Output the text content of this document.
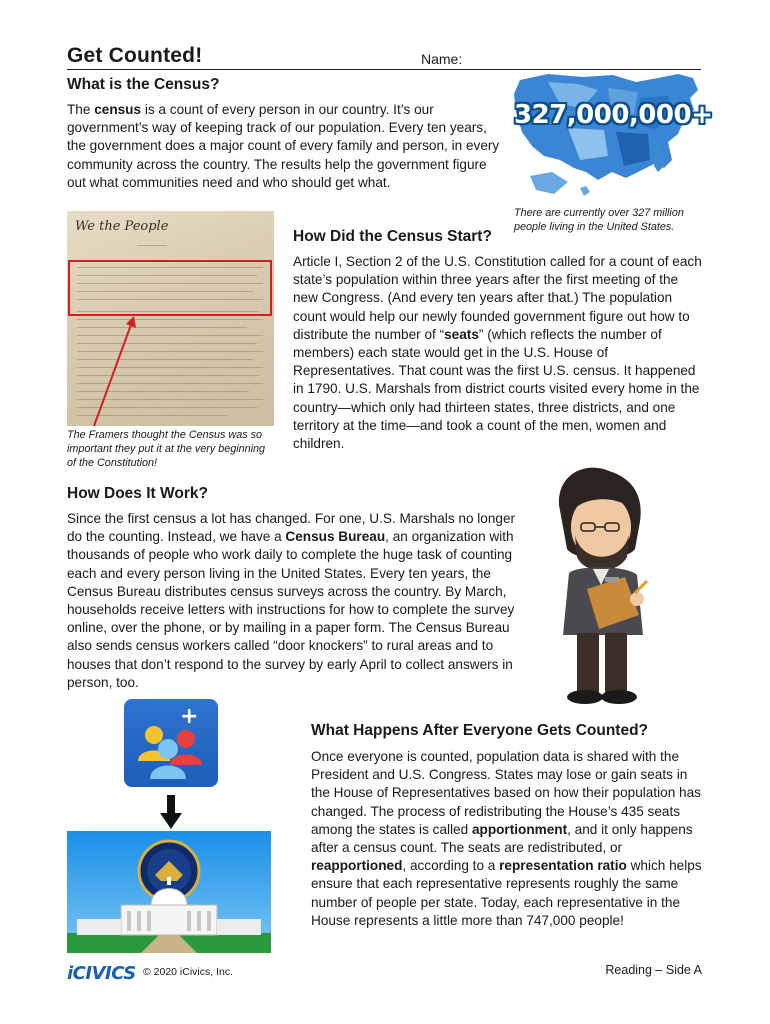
Get Counted!	Name:
What is the Census?
The census is a count of every person in our country. It’s our government’s way of keeping track of our population. Every ten years, the government does a major count of every family and person, in every community across the country. The results help the government figure out what communities need and who should get what.
327,000,000+
There are currently over 327 million people living in the United States.
We the People
The Framers thought the Census was so important they put it at the very beginning of the Constitution!
How Did the Census Start?
Article I, Section 2 of the U.S. Constitution called for a count of each state’s population within three years after the first meeting of the new Congress. (And every ten years after that.) The population count would help our newly founded government figure out how to distribute the number of “seats” (which reflects the number of members) each state would get in the U.S. House of Representatives. That count was the first U.S. census. It happened in 1790. U.S. Marshals from district courts visited every home in the country—which only had thirteen states, three districts, and one territory at the time—and took a count of the men, women and children.
How Does It Work?
Since the first census a lot has changed. For one, U.S. Marshals no longer do the counting. Instead, we have a Census Bureau, an organization with thousands of people who work daily to complete the huge task of counting each and every person living in the United States. Every ten years, the Census Bureau distributes census surveys across the country. By March, households receive letters with instructions for how to complete the survey online, over the phone, or by mailing in a paper form. The Census Bureau also sends census workers called “door knockers” to rural areas and to houses that don’t respond to the survey by early April to collect answers in person, too.
+
What Happens After Everyone Gets Counted?
Once everyone is counted, population data is shared with the President and U.S. Congress. States may lose or gain seats in the House of Representatives based on how their population has changed. The process of redistributing the House’s 435 seats among the states is called apportionment, and it only happens after a census count. The seats are redistributed, or reapportioned, according to a representation ratio which helps ensure that each representative represents roughly the same number of people per state. Today, each representative in the House represents a little more than 747,000 people!
iCIVICS © 2020 iCivics, Inc.	Reading – Side A
